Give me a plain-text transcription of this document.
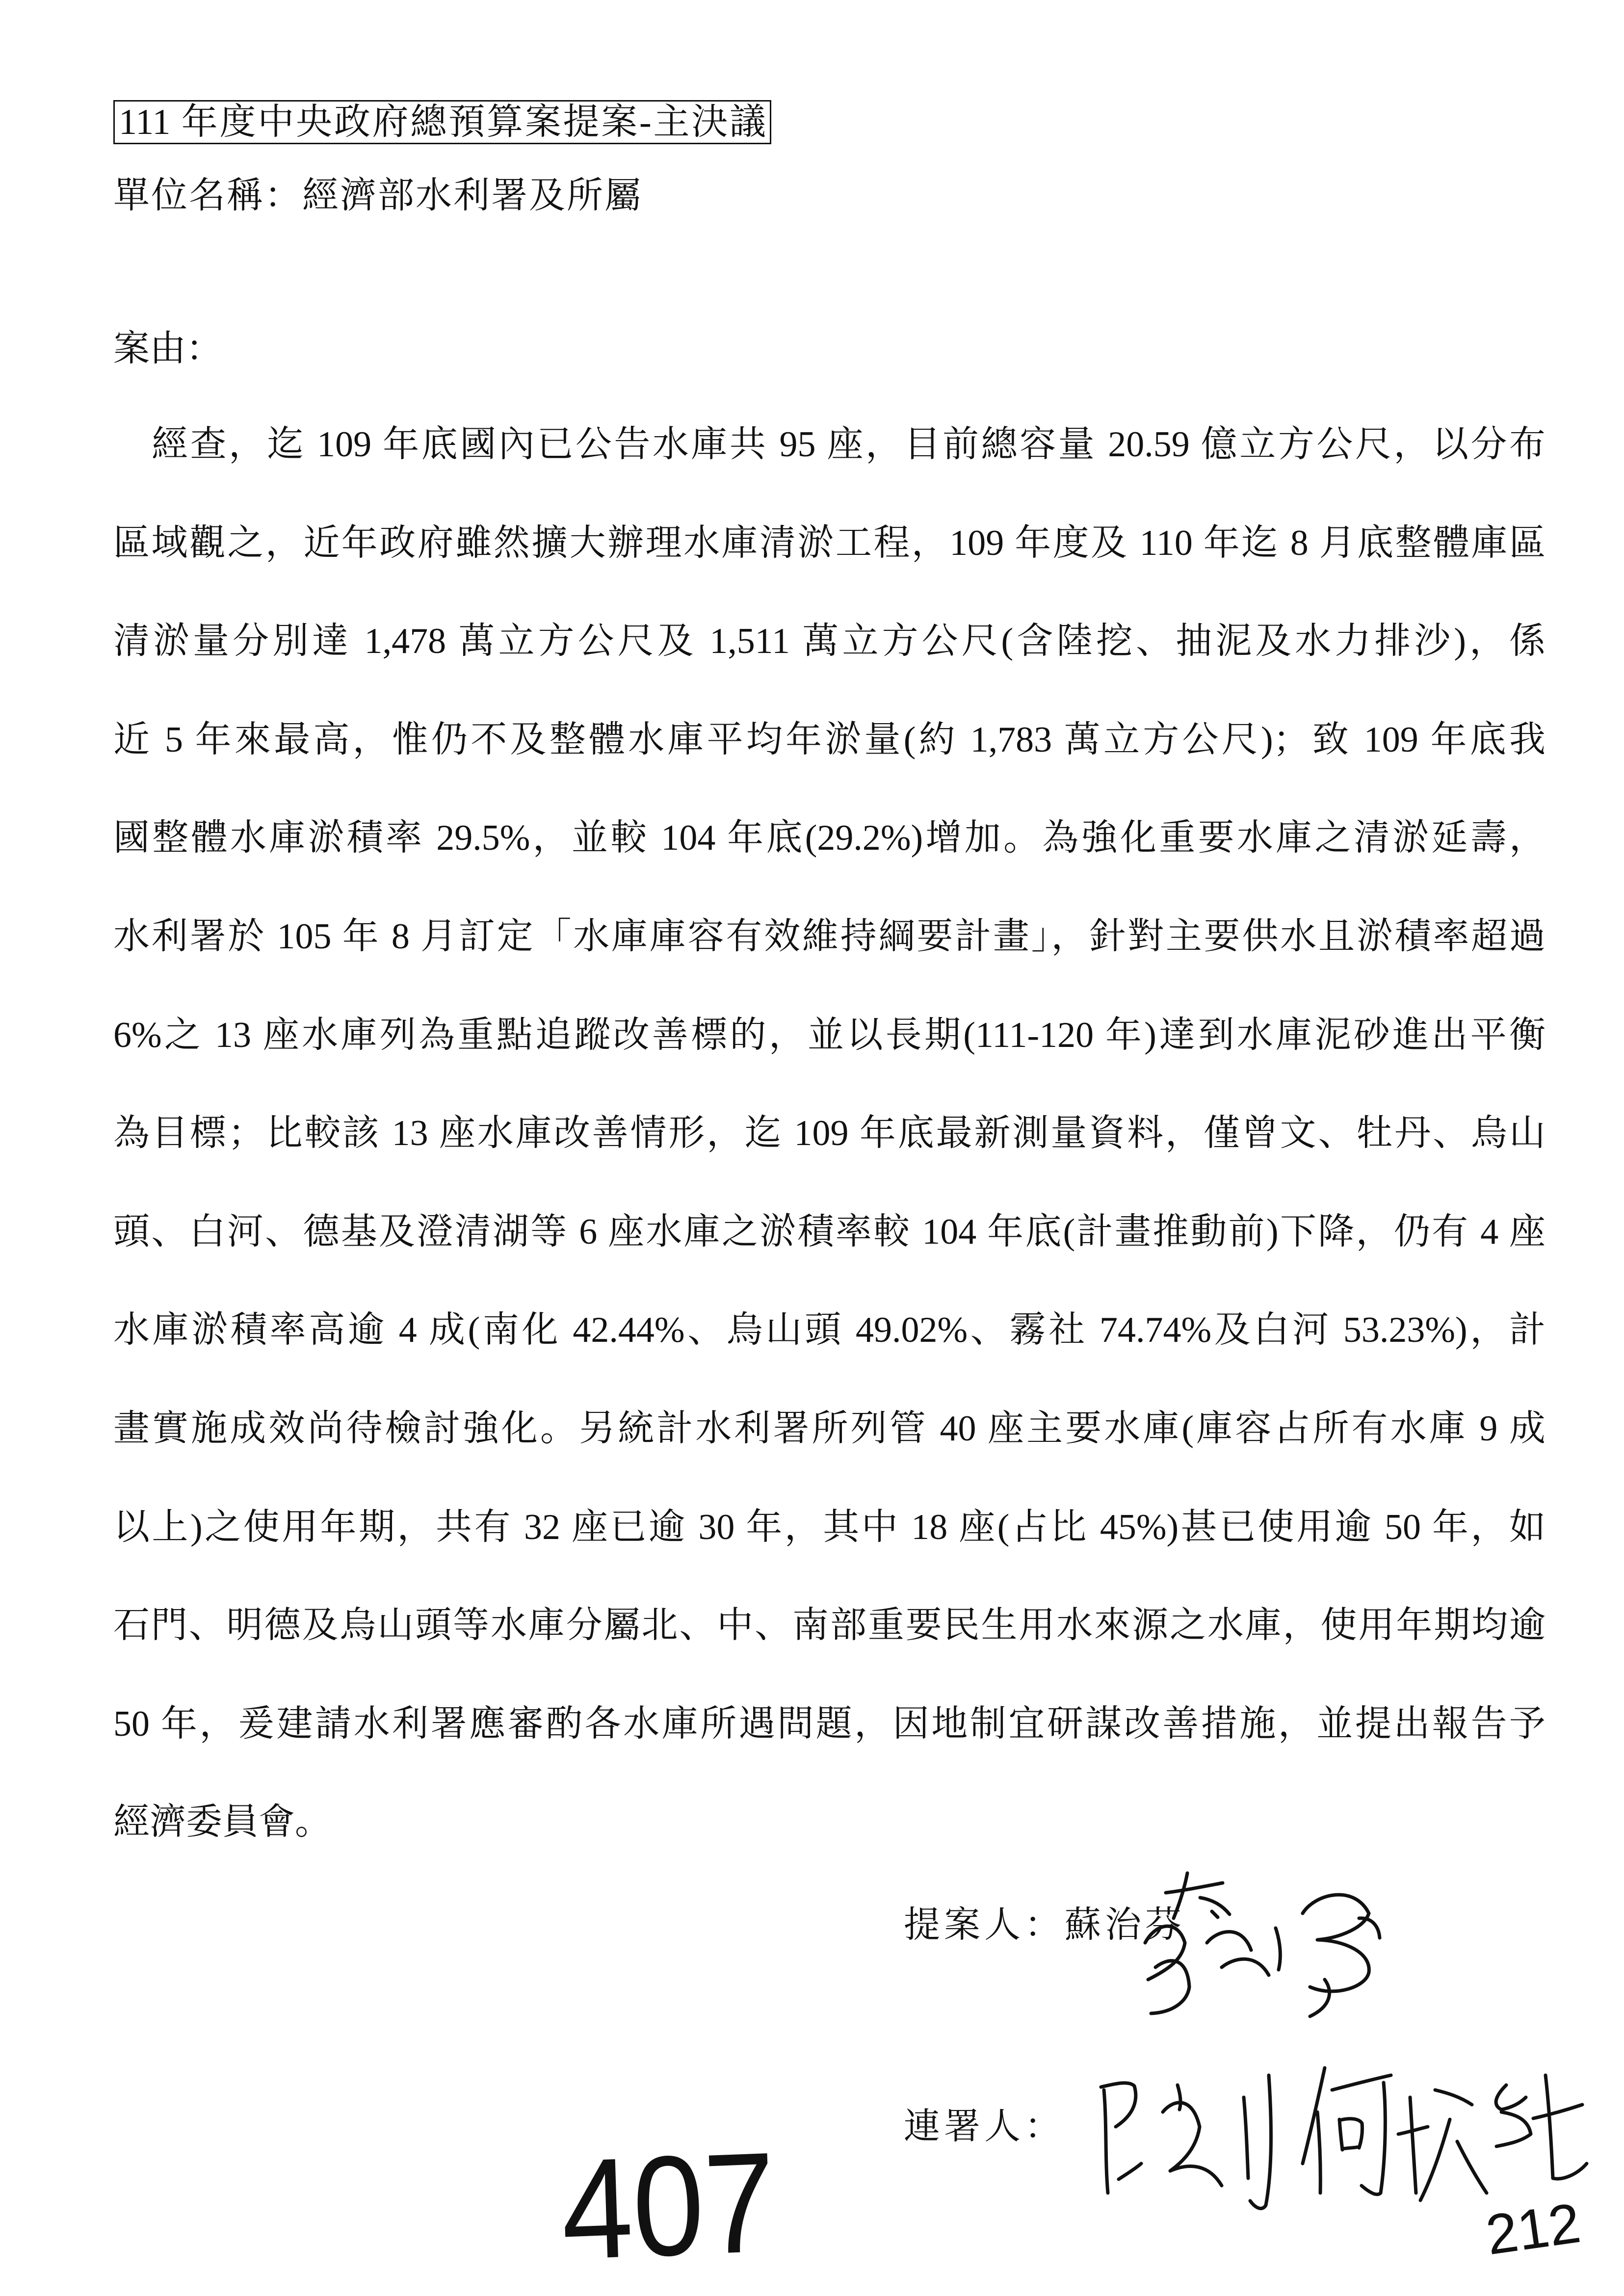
111 年度中央政府總預算案提案-主決議
單位名稱：經濟部水利署及所屬
案由：
經查，迄 109 年底國內已公告水庫共 95 座，目前總容量 20.59 億立方公尺，以分布
區域觀之，近年政府雖然擴大辦理水庫清淤工程，109 年度及 110 年迄 8 月底整體庫區
清淤量分別達 1,478 萬立方公尺及 1,511 萬立方公尺(含陸挖、抽泥及水力排沙)，係
近 5 年來最高，惟仍不及整體水庫平均年淤量(約 1,783 萬立方公尺)；致 109 年底我
國整體水庫淤積率 29.5%，並較 104 年底(29.2%)增加。為強化重要水庫之清淤延壽，
水利署於 105 年 8 月訂定「水庫庫容有效維持綱要計畫」，針對主要供水且淤積率超過
6%之 13 座水庫列為重點追蹤改善標的，並以長期(111-120 年)達到水庫泥砂進出平衡
為目標；比較該 13 座水庫改善情形，迄 109 年底最新測量資料，僅曾文、牡丹、烏山
頭、白河、德基及澄清湖等 6 座水庫之淤積率較 104 年底(計畫推動前)下降，仍有 4 座
水庫淤積率高逾 4 成(南化 42.44%、烏山頭 49.02%、霧社 74.74%及白河 53.23%)，計
畫實施成效尚待檢討強化。另統計水利署所列管 40 座主要水庫(庫容占所有水庫 9 成
以上)之使用年期，共有 32 座已逾 30 年，其中 18 座(占比 45%)甚已使用逾 50 年，如
石門、明德及烏山頭等水庫分屬北、中、南部重要民生用水來源之水庫，使用年期均逾
50 年，爰建請水利署應審酌各水庫所遇問題，因地制宜研謀改善措施，並提出報告予
經濟委員會。
提案人：蘇治芬
連署人：
212
407
